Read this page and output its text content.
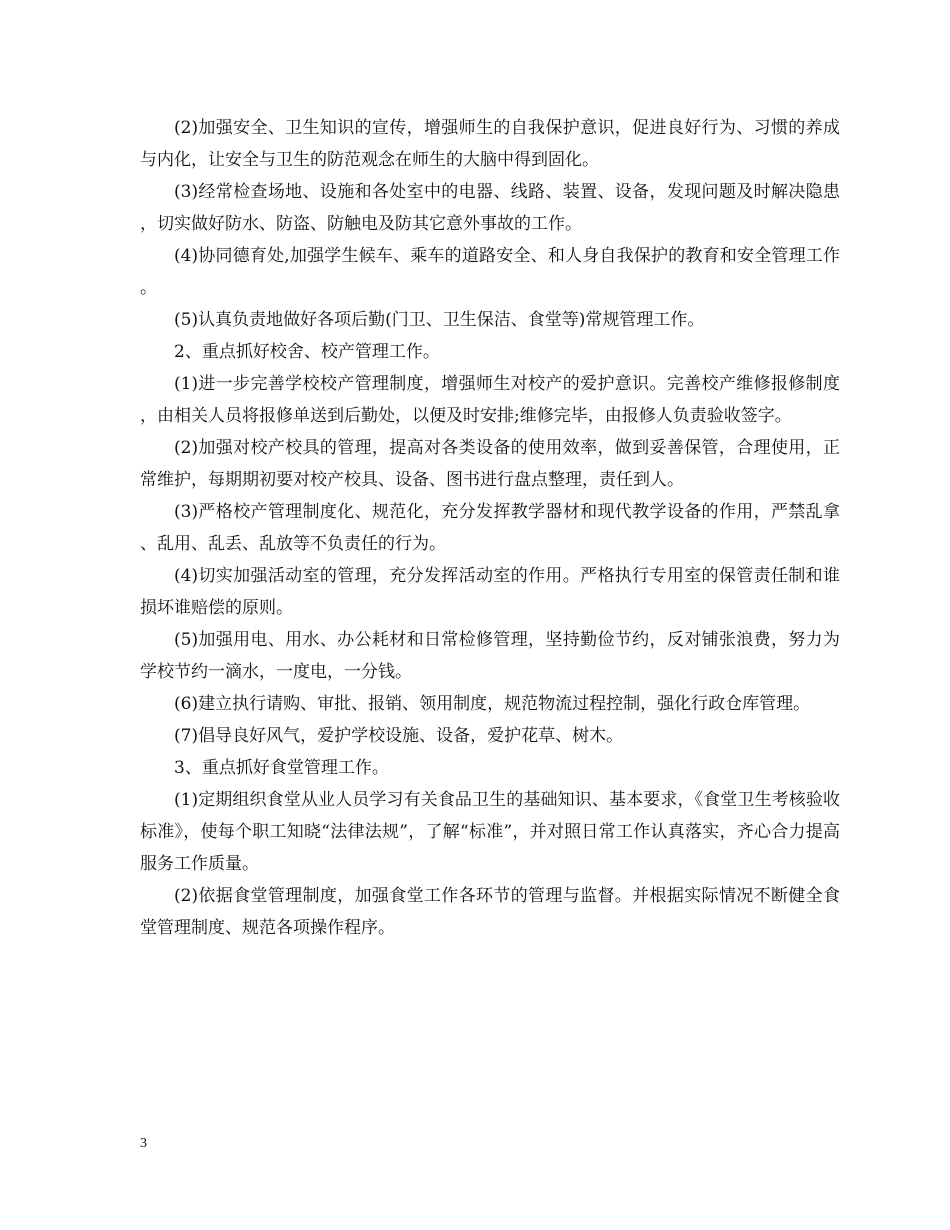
(2)加强安全、卫生知识的宣传，增强师生的自我保护意识，促进良好行为、习惯的养成与内化，让安全与卫生的防范观念在师生的大脑中得到固化。

(3)经常检查场地、设施和各处室中的电器、线路、装置、设备，发现问题及时解决隐患，切实做好防水、防盗、防触电及防其它意外事故的工作。

(4)协同德育处,加强学生候车、乘车的道路安全、和人身自我保护的教育和安全管理工作。

(5)认真负责地做好各项后勤(门卫、卫生保洁、食堂等)常规管理工作。

2、重点抓好校舍、校产管理工作。

(1)进一步完善学校校产管理制度，增强师生对校产的爱护意识。完善校产维修报修制度，由相关人员将报修单送到后勤处，以便及时安排;维修完毕，由报修人负责验收签字。

(2)加强对校产校具的管理，提高对各类设备的使用效率，做到妥善保管，合理使用，正常维护，每期期初要对校产校具、设备、图书进行盘点整理，责任到人。

(3)严格校产管理制度化、规范化，充分发挥教学器材和现代教学设备的作用，严禁乱拿、乱用、乱丢、乱放等不负责任的行为。

(4)切实加强活动室的管理，充分发挥活动室的作用。严格执行专用室的保管责任制和谁损坏谁赔偿的原则。

(5)加强用电、用水、办公耗材和日常检修管理，坚持勤俭节约，反对铺张浪费，努力为学校节约一滴水，一度电，一分钱。

(6)建立执行请购、审批、报销、领用制度，规范物流过程控制，强化行政仓库管理。

(7)倡导良好风气，爱护学校设施、设备，爱护花草、树木。

3、重点抓好食堂管理工作。

(1)定期组织食堂从业人员学习有关食品卫生的基础知识、基本要求，《食堂卫生考核验收标准》，使每个职工知晓“法律法规”，了解“标准”，并对照日常工作认真落实，齐心合力提高服务工作质量。

(2)依据食堂管理制度，加强食堂工作各环节的管理与监督。并根据实际情况不断健全食堂管理制度、规范各项操作程序。

3
